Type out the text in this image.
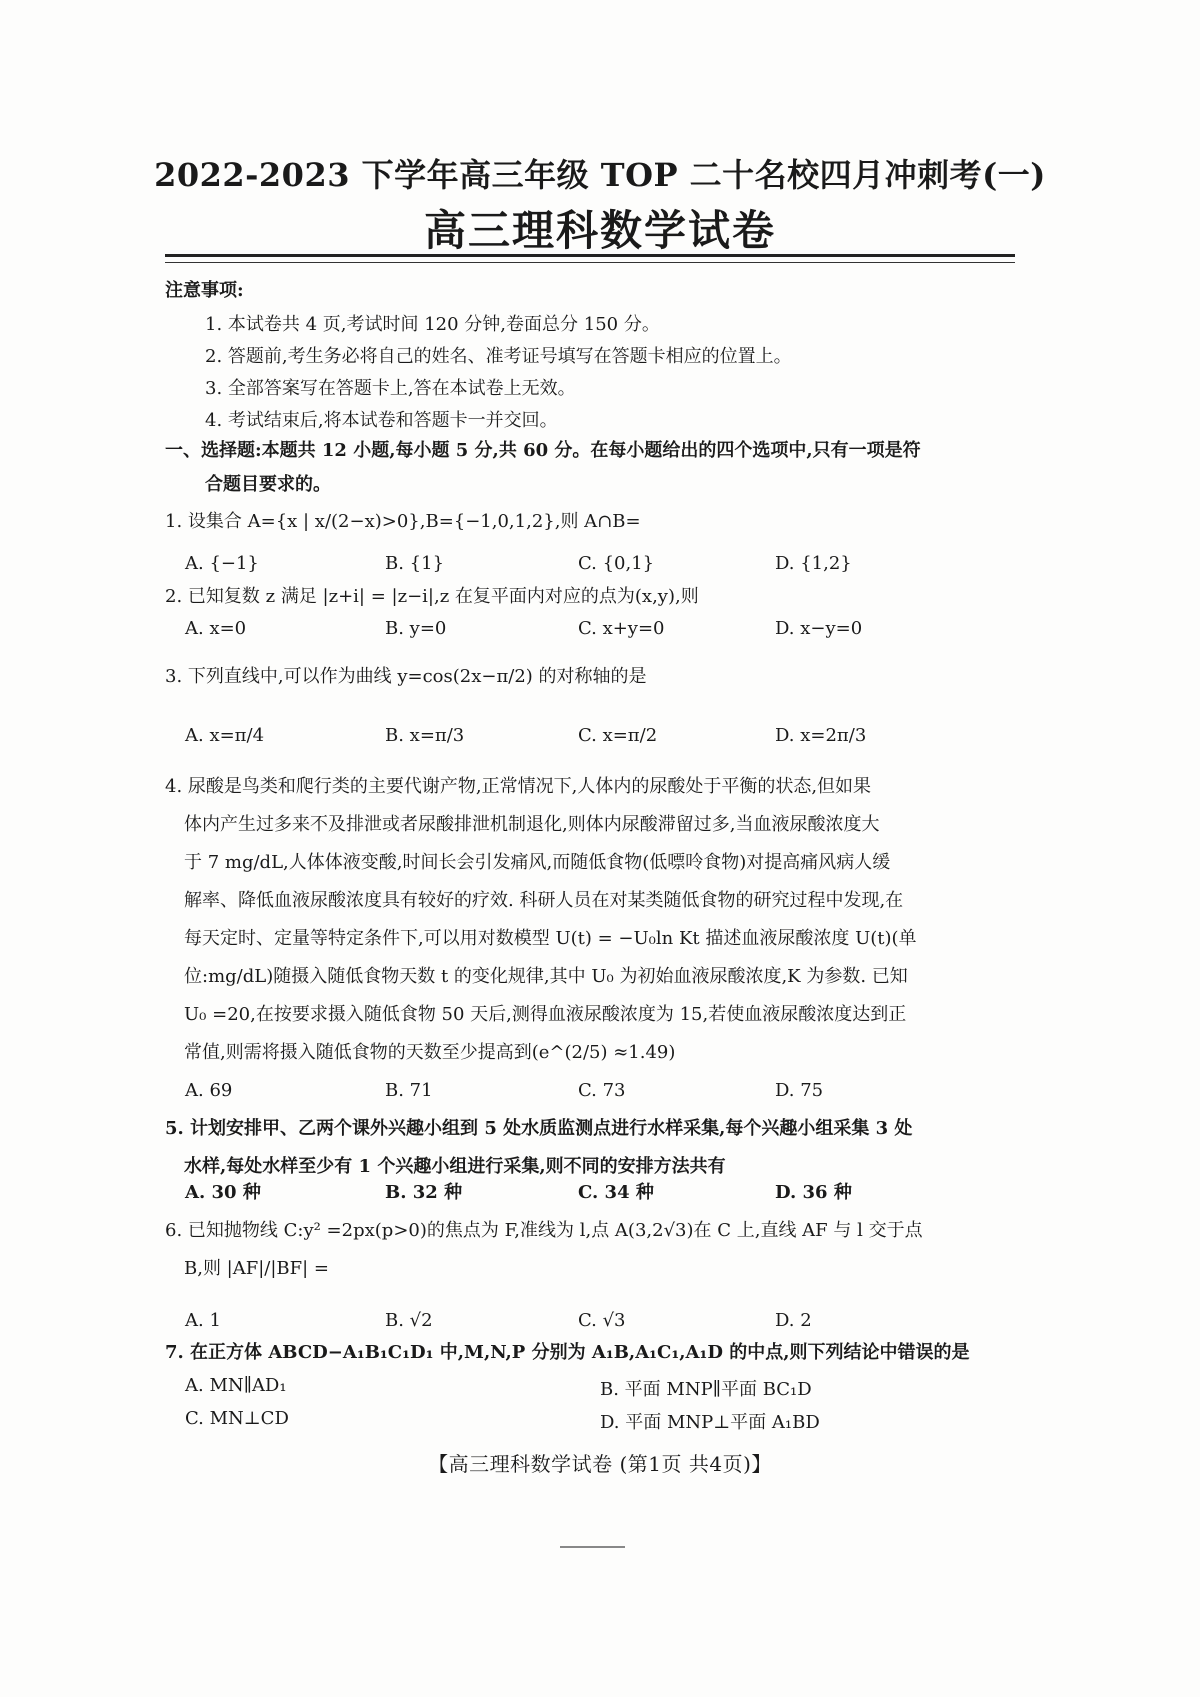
2022-2023 下学年高三年级 TOP 二十名校四月冲刺考(一)
高三理科数学试卷
注意事项:
1. 本试卷共 4 页,考试时间 120 分钟,卷面总分 150 分。
2. 答题前,考生务必将自己的姓名、准考证号填写在答题卡相应的位置上。
3. 全部答案写在答题卡上,答在本试卷上无效。
4. 考试结束后,将本试卷和答题卡一并交回。
一、选择题:本题共 12 小题,每小题 5 分,共 60 分。在每小题给出的四个选项中,只有一项是符
合题目要求的。
1. 设集合 A={x | x/(2−x)>0},B={−1,0,1,2},则 A∩B=
A. {−1}	B. {1}	C. {0,1}	D. {1,2}
2. 已知复数 z 满足 |z+i| = |z−i|,z 在复平面内对应的点为(x,y),则
A. x=0	B. y=0	C. x+y=0	D. x−y=0
3. 下列直线中,可以作为曲线 y=cos(2x−π/2) 的对称轴的是
A. x=π/4	B. x=π/3	C. x=π/2	D. x=2π/3
4. 尿酸是鸟类和爬行类的主要代谢产物,正常情况下,人体内的尿酸处于平衡的状态,但如果
体内产生过多来不及排泄或者尿酸排泄机制退化,则体内尿酸滞留过多,当血液尿酸浓度大
于 7 mg/dL,人体体液变酸,时间长会引发痛风,而随低食物(低嘌呤食物)对提高痛风病人缓
解率、降低血液尿酸浓度具有较好的疗效. 科研人员在对某类随低食物的研究过程中发现,在
每天定时、定量等特定条件下,可以用对数模型 U(t) = −U₀ln Kt 描述血液尿酸浓度 U(t)(单
位:mg/dL)随摄入随低食物天数 t 的变化规律,其中 U₀ 为初始血液尿酸浓度,K 为参数. 已知
U₀ =20,在按要求摄入随低食物 50 天后,测得血液尿酸浓度为 15,若使血液尿酸浓度达到正
常值,则需将摄入随低食物的天数至少提高到(e^(2/5) ≈1.49)
A. 69	B. 71	C. 73	D. 75
5. 计划安排甲、乙两个课外兴趣小组到 5 处水质监测点进行水样采集,每个兴趣小组采集 3 处
水样,每处水样至少有 1 个兴趣小组进行采集,则不同的安排方法共有
A. 30 种	B. 32 种	C. 34 种	D. 36 种
6. 已知抛物线 C:y² =2px(p>0)的焦点为 F,准线为 l,点 A(3,2√3)在 C 上,直线 AF 与 l 交于点
B,则 |AF|/|BF| =
A. 1	B. √2	C. √3	D. 2
7. 在正方体 ABCD−A₁B₁C₁D₁ 中,M,N,P 分别为 A₁B,A₁C₁,A₁D 的中点,则下列结论中错误的是
A. MN∥AD₁	B. 平面 MNP∥平面 BC₁D
C. MN⊥CD	D. 平面 MNP⊥平面 A₁BD
【高三理科数学试卷 (第1页 共4页)】
